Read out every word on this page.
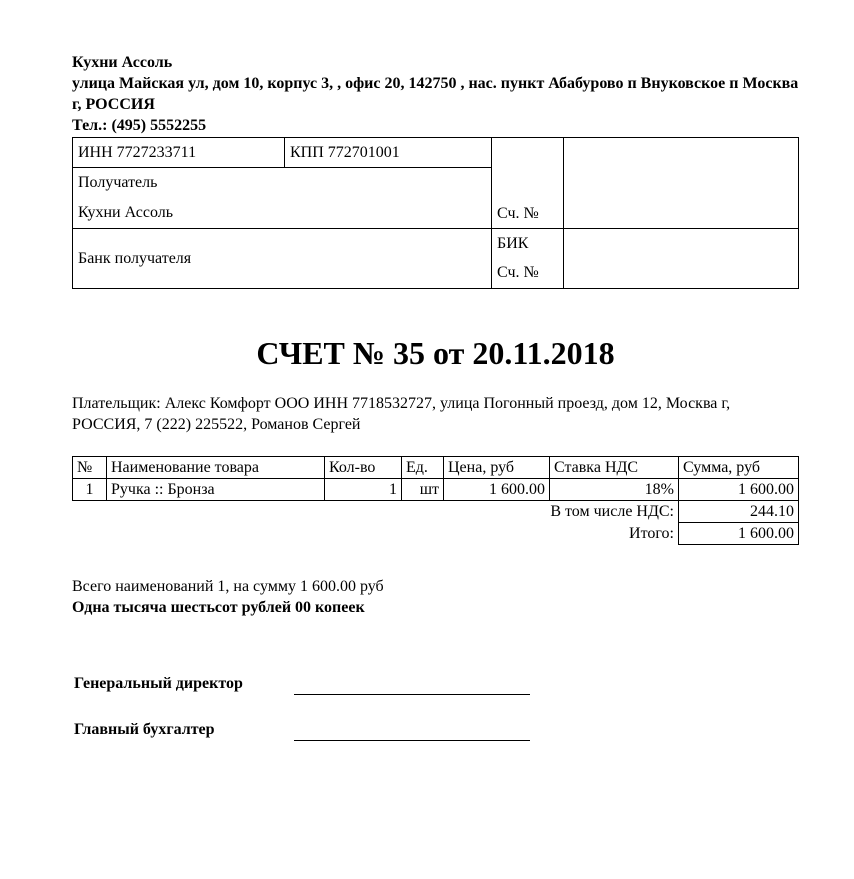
Кухни Ассоль
улица Майская ул, дом 10, корпус 3, , офис 20, 142750 , нас. пункт Абабурово п Внуковское п Москва г, РОССИЯ
Тел.: (495) 5552255
ИНН 7727233711	КПП 772701001	Сч. №	

Получатель
Кухни Ассоль			

Банк получателя		БИК	
		Сч. №	
СЧЕТ № 35 от 20.11.2018
Плательщик: Алекс Комфорт ООО ИНН 7718532727, улица Погонный проезд, дом 12, Москва г, РОССИЯ, 7 (222) 225522, Романов Сергей
№	Наименование товара	Кол-во	Ед.	Цена, руб	Ставка НДС	Сумма, руб
1	Ручка :: Бронза	1	шт	1 600.00	18%	1 600.00
В том числе НДС:						244.10
Итого:						1 600.00
Всего наименований 1, на сумму 1 600.00 руб
Одна тысяча шестьсот рублей 00 копеек
Генеральный директор
Главный бухгалтер
